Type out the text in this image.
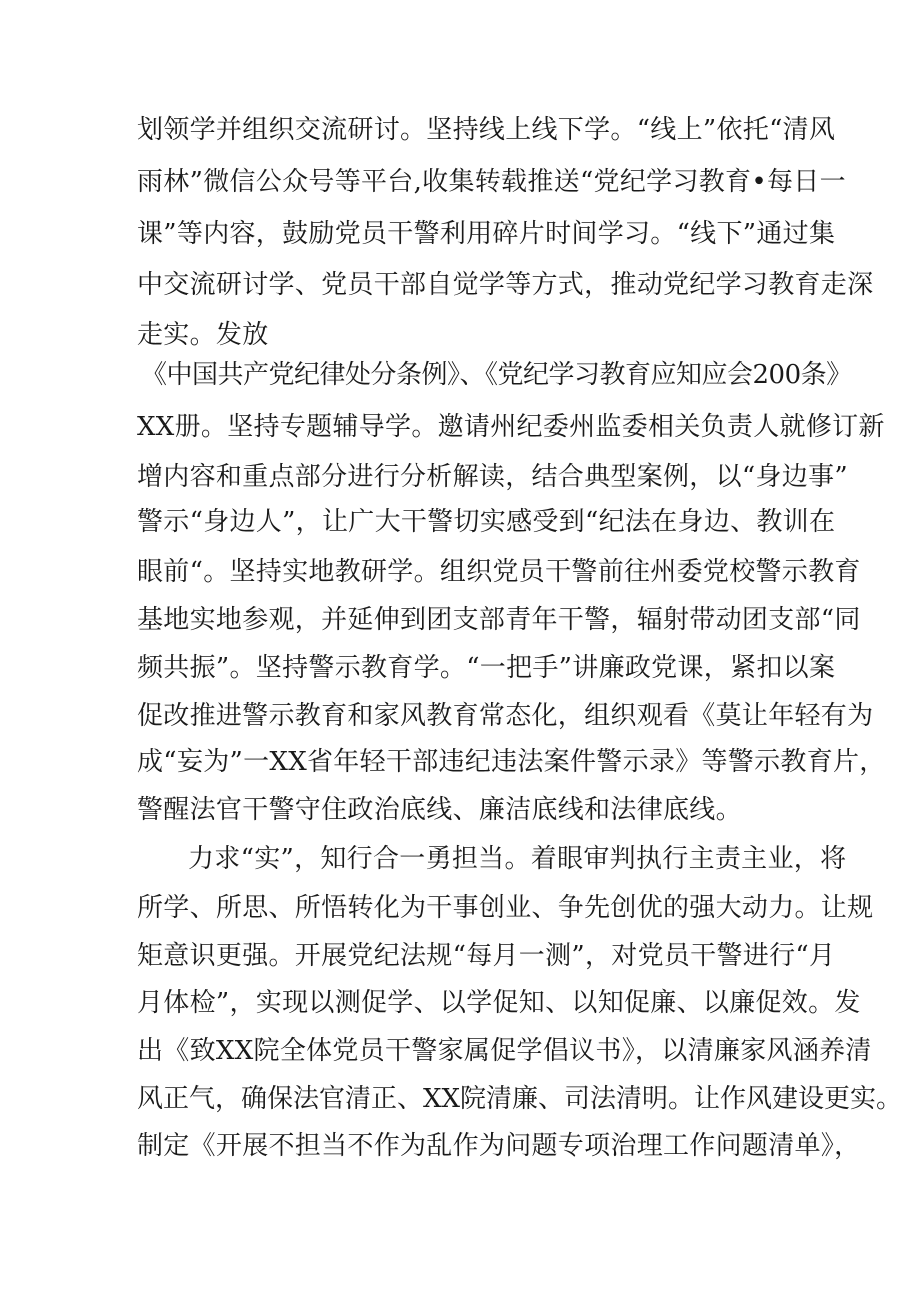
划领学并组织交流研讨。坚持线上线下学。“线上”依托“清风

雨林”微信公众号等平台,收集转载推送“党纪学习教育•每日一

课”等内容，鼓励党员干警利用碎片时间学习。“线下”通过集

中交流研讨学、党员干部自觉学等方式，推动党纪学习教育走深

走实。发放

《中国共产党纪律处分条例》、《党纪学习教育应知应会200条》

XX册。坚持专题辅导学。邀请州纪委州监委相关负责人就修订新

增内容和重点部分进行分析解读，结合典型案例，以“身边事”

警示“身边人”，让广大干警切实感受到“纪法在身边、教训在

眼前“。坚持实地教研学。组织党员干警前往州委党校警示教育

基地实地参观，并延伸到团支部青年干警，辐射带动团支部“同

频共振”。坚持警示教育学。“一把手”讲廉政党课，紧扣以案

促改推进警示教育和家风教育常态化，组织观看《莫让年轻有为

成“妄为”一XX省年轻干部违纪违法案件警示录》等警示教育片，

警醒法官干警守住政治底线、廉洁底线和法律底线。

力求“实”，知行合一勇担当。着眼审判执行主责主业，将

所学、所思、所悟转化为干事创业、争先创优的强大动力。让规

矩意识更强。开展党纪法规“每月一测”，对党员干警进行“月

月体检”，实现以测促学、以学促知、以知促廉、以廉促效。发

出《致XX院全体党员干警家属促学倡议书》，以清廉家风涵养清

风正气，确保法官清正、XX院清廉、司法清明。让作风建设更实。

制定《开展不担当不作为乱作为问题专项治理工作问题清单》，
